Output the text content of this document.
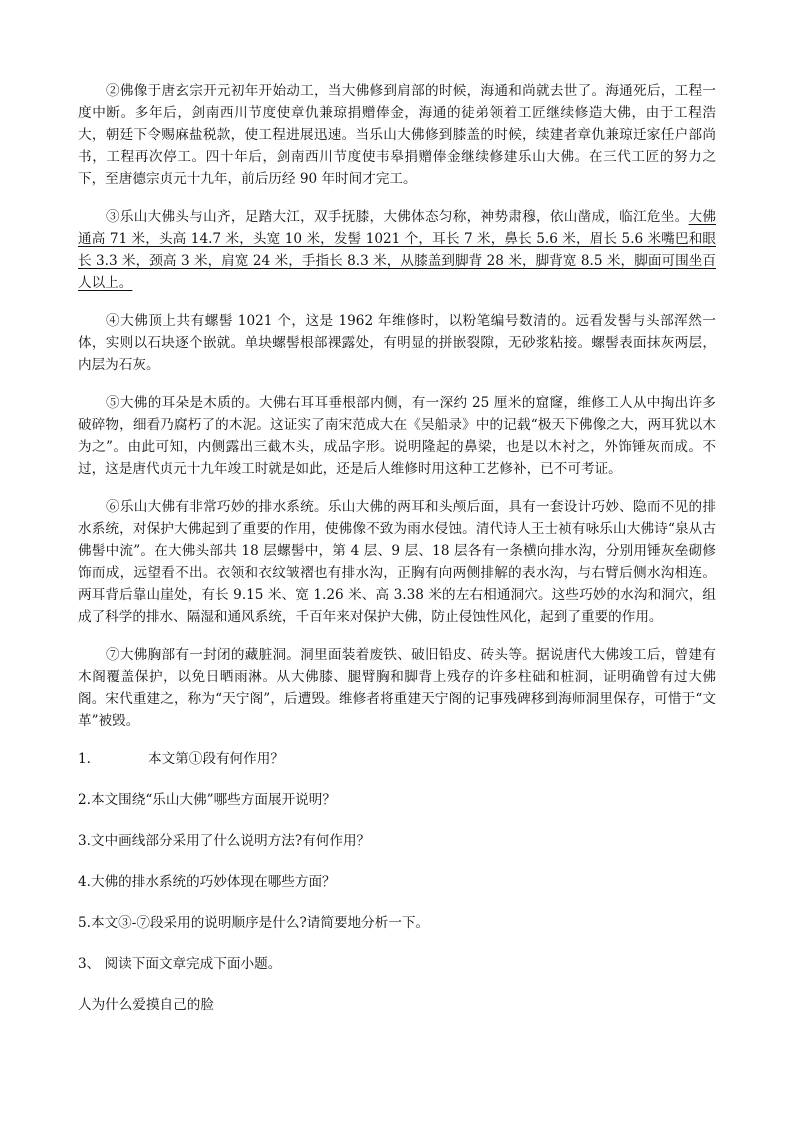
②佛像于唐玄宗开元初年开始动工，当大佛修到肩部的时候，海通和尚就去世了。海通死后，工程一度中断。多年后，剑南西川节度使章仇兼琼捐赠俸金，海通的徒弟领着工匠继续修造大佛，由于工程浩大，朝廷下令赐麻盐税款，使工程进展迅速。当乐山大佛修到膝盖的时候，续建者章仇兼琼迁家任户部尚书，工程再次停工。四十年后，剑南西川节度使韦皋捐赠俸金继续修建乐山大佛。在三代工匠的努力之下，至唐德宗贞元十九年，前后历经 90 年时间才完工。

③乐山大佛头与山齐，足踏大江，双手抚膝，大佛体态匀称，神势肃穆，依山凿成，临江危坐。大佛通高 71 米，头高 14.7 米，头宽 10 米，发髻 1021 个，耳长 7 米，鼻长 5.6 米，眉长 5.6 米嘴巴和眼长 3.3 米，颈高 3 米，肩宽 24 米，手指长 8.3 米，从膝盖到脚背 28 米，脚背宽 8.5 米，脚面可围坐百人以上。

④大佛顶上共有螺髻 1021 个，这是 1962 年维修时，以粉笔编号数清的。远看发髻与头部浑然一体，实则以石块逐个嵌就。单块螺髻根部裸露处，有明显的拼嵌裂隙，无砂浆粘接。螺髻表面抹灰两层，内层为石灰。

⑤大佛的耳朵是木质的。大佛右耳耳垂根部内侧，有一深约 25 厘米的窟窿，维修工人从中掏出许多破碎物，细看乃腐朽了的木泥。这证实了南宋范成大在《吴船录》中的记载“极天下佛像之大，两耳犹以木为之”。由此可知，内侧露出三截木头，成品字形。说明隆起的鼻梁，也是以木衬之，外饰锤灰而成。不过，这是唐代贞元十九年竣工时就是如此，还是后人维修时用这种工艺修补，已不可考证。

⑥乐山大佛有非常巧妙的排水系统。乐山大佛的两耳和头颅后面，具有一套设计巧妙、隐而不见的排水系统，对保护大佛起到了重要的作用，使佛像不致为雨水侵蚀。清代诗人王士祯有咏乐山大佛诗“泉从古佛髻中流”。在大佛头部共 18 层螺髻中，第 4 层、9 层、18 层各有一条横向排水沟，分别用锤灰垒砌修饰而成，远望看不出。衣领和衣纹皱褶也有排水沟，正胸有向两侧排解的表水沟，与右臂后侧水沟相连。两耳背后靠山崖处，有长 9.15 米、宽 1.26 米、高 3.38 米的左右相通洞穴。这些巧妙的水沟和洞穴，组成了科学的排水、隔湿和通风系统，千百年来对保护大佛，防止侵蚀性风化，起到了重要的作用。

⑦大佛胸部有一封闭的藏脏洞。洞里面装着废铁、破旧铅皮、砖头等。据说唐代大佛竣工后，曾建有木阁覆盖保护，以免日晒雨淋。从大佛膝、腿臂胸和脚背上残存的许多柱础和桩洞，证明确曾有过大佛阁。宋代重建之，称为“天宁阁”，后遭毁。维修者将重建天宁阁的记事残碑移到海师洞里保存，可惜于“文革”被毁。

1.	本文第①段有何作用？

2.本文围绕“乐山大佛”哪些方面展开说明？

3.文中画线部分采用了什么说明方法?有何作用？

4.大佛的排水系统的巧妙体现在哪些方面？

5.本文③-⑦段采用的说明顺序是什么?请简要地分析一下。

3、 阅读下面文章完成下面小题。

人为什么爱摸自己的脸
